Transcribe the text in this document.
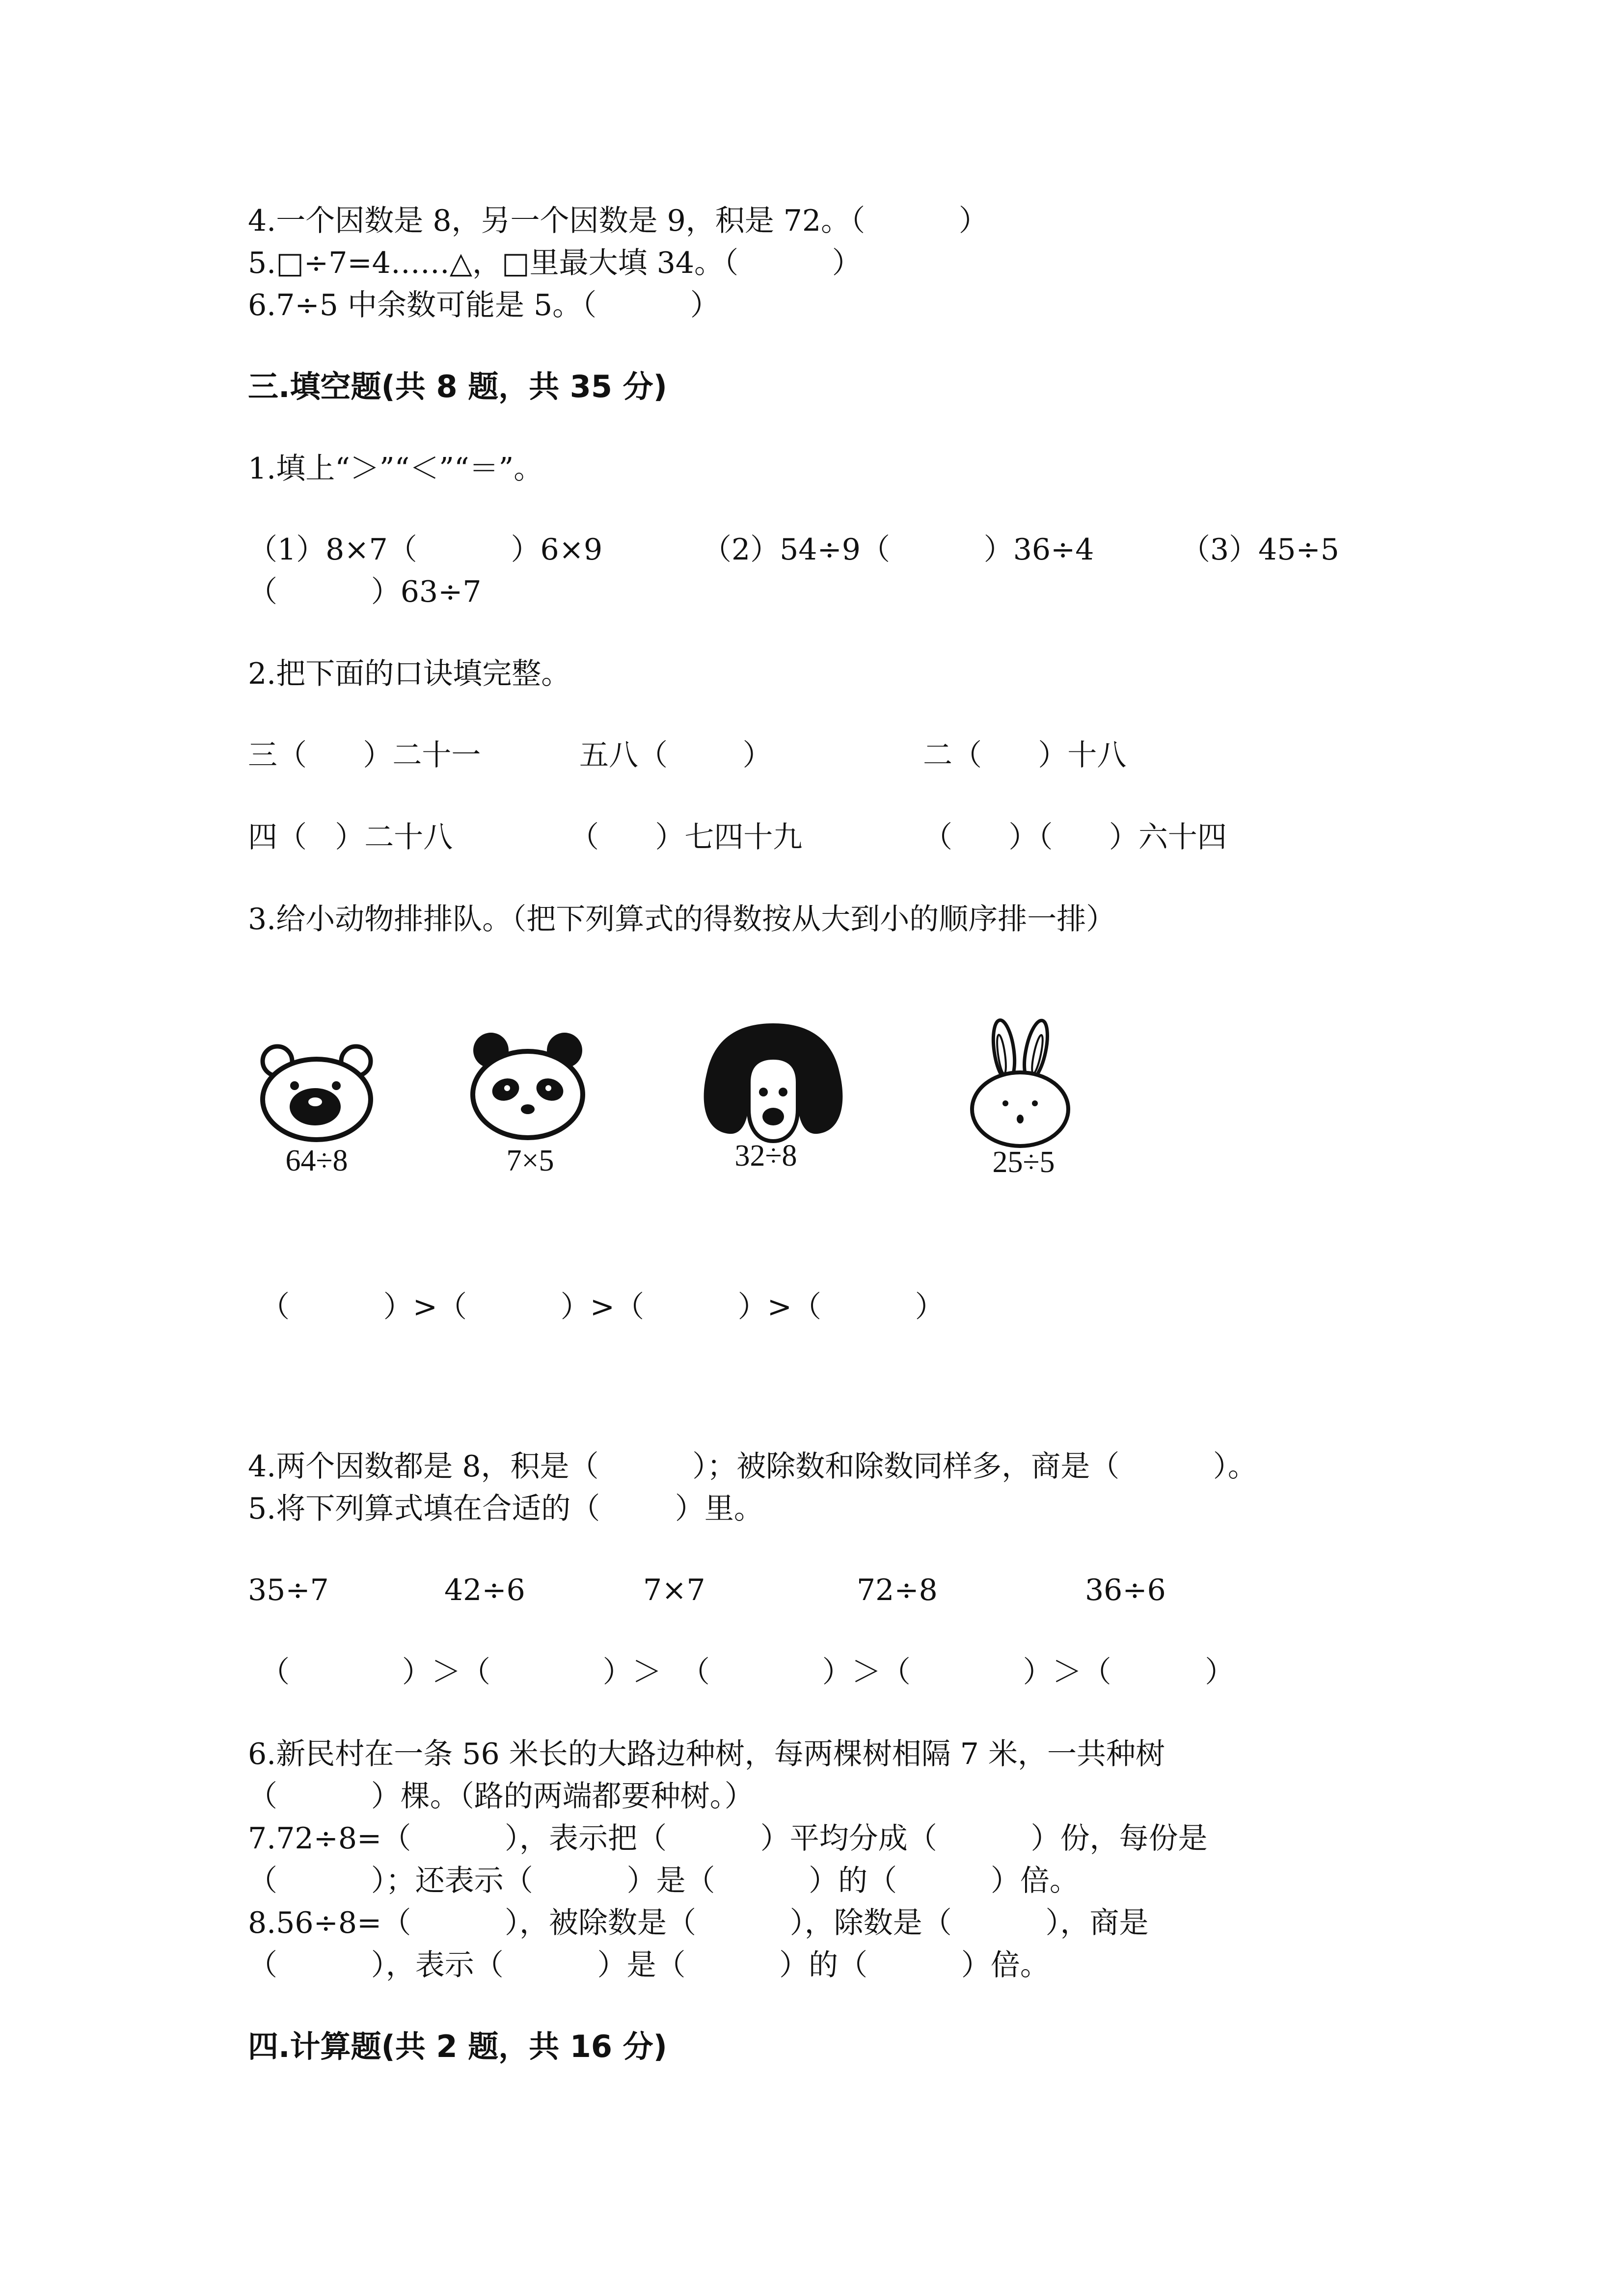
4.一个因数是 8，另一个因数是 9，积是 72。（          ）
5.□÷7=4……△，□里最大填 34。（          ）
6.7÷5 中余数可能是 5。（          ）
三.填空题(共 8 题，共 35 分)
1.填上“＞”“＜”“＝”。
（1）8×7（          ）6×9	（2）54÷9（          ）36÷4	（3）45÷5
（          ）63÷7
2.把下面的口诀填完整。
三（      ）二十一	五八（        ）	二（      ）十八
四（   ）二十八	（      ）七四十九	（      ）（      ）六十四
3.给小动物排排队。（把下列算式的得数按从大到小的顺序排一排）
64÷8	7×5	32÷8	25÷5
（          ）>（          ）>（          ）>（          ）
4.两个因数都是 8，积是（          ）；被除数和除数同样多，商是（          ）。
5.将下列算式填在合适的（        ）里。
35÷7	42÷6	7×7	72÷8	36÷6
（            ）＞（            ）＞  （            ）＞（            ）＞（          ）
6.新民村在一条 56 米长的大路边种树，每两棵树相隔 7 米，一共种树
（          ）棵。（路的两端都要种树。）
7.72÷8=（          ），表示把（          ）平均分成（          ）份，每份是
（          ）；还表示（          ）是（          ）的（          ）倍。
8.56÷8=（          ），被除数是（          ），除数是（          ），商是
（          ），表示（          ）是（          ）的（          ）倍。
四.计算题(共 2 题，共 16 分)
